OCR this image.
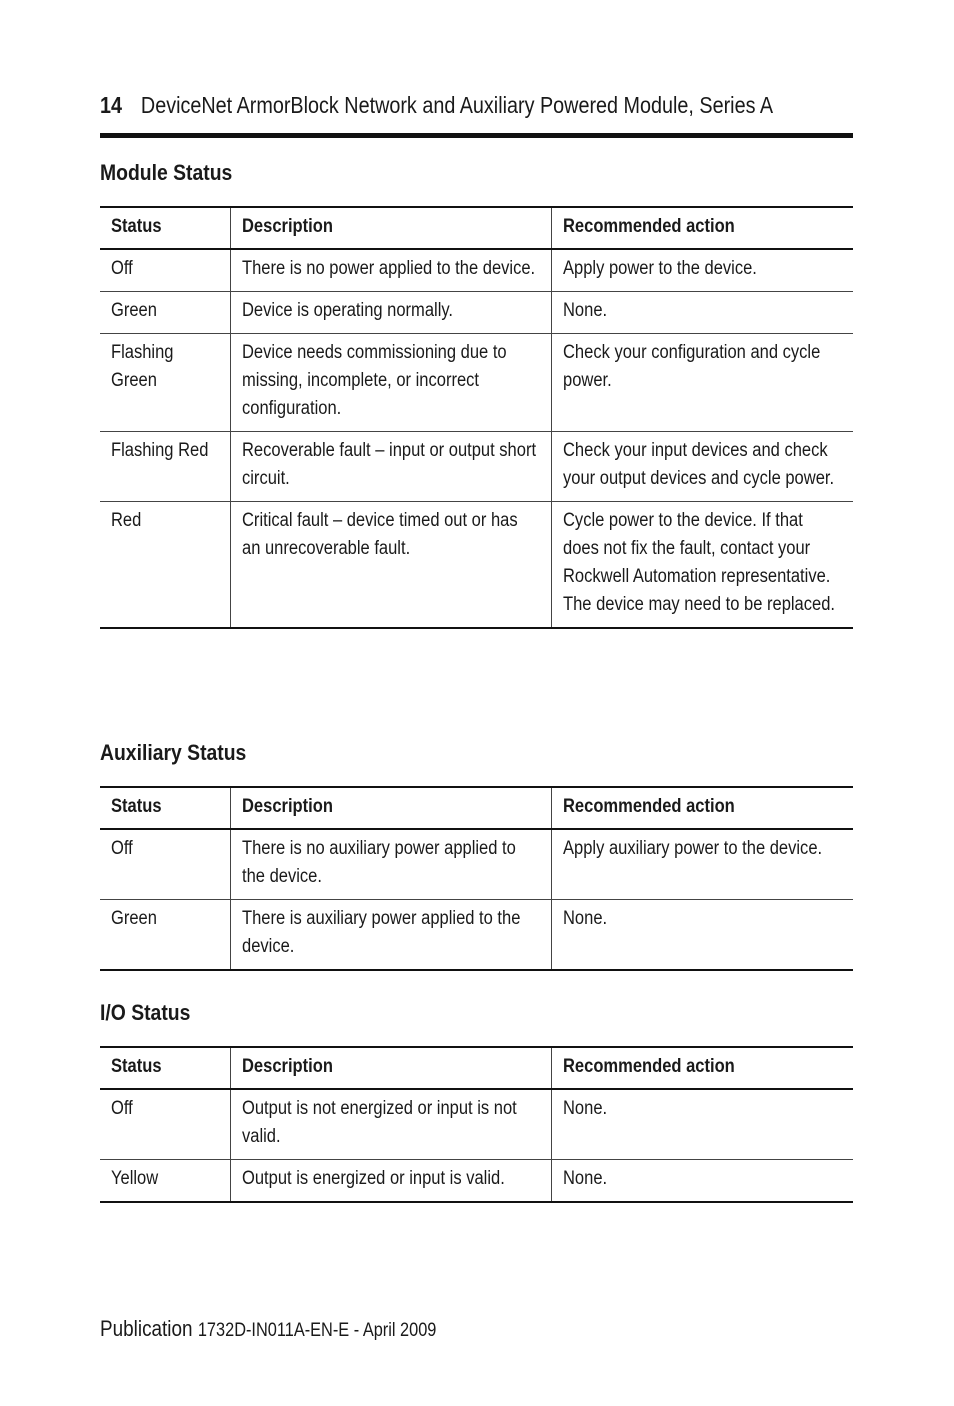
14 DeviceNet ArmorBlock Network and Auxiliary Powered Module, Series A
Module Status
Status	Description	Recommended action

Off	There is no power applied to the device.	Apply power to the device.

Green	Device is operating normally.	None.

Flashing Green	Device needs commissioning due to missing, incomplete, or incorrect configuration.	Check your configuration and cycle power.

Flashing Red	Recoverable fault – input or output short circuit.	Check your input devices and check your output devices and cycle power.

Red	Critical fault – device timed out or has an unrecoverable fault.	Cycle power to the device. If that does not fix the fault, contact your Rockwell Automation representative. The device may need to be replaced.
Auxiliary Status
Status	Description	Recommended action

Off	There is no auxiliary power applied to the device.	Apply auxiliary power to the device.

Green	There is auxiliary power applied to the device.	None.
I/O Status
Status	Description	Recommended action

Off	Output is not energized or input is not valid.	None.

Yellow	Output is energized or input is valid.	None.
Publication 1732D-IN011A-EN-E - April 2009
